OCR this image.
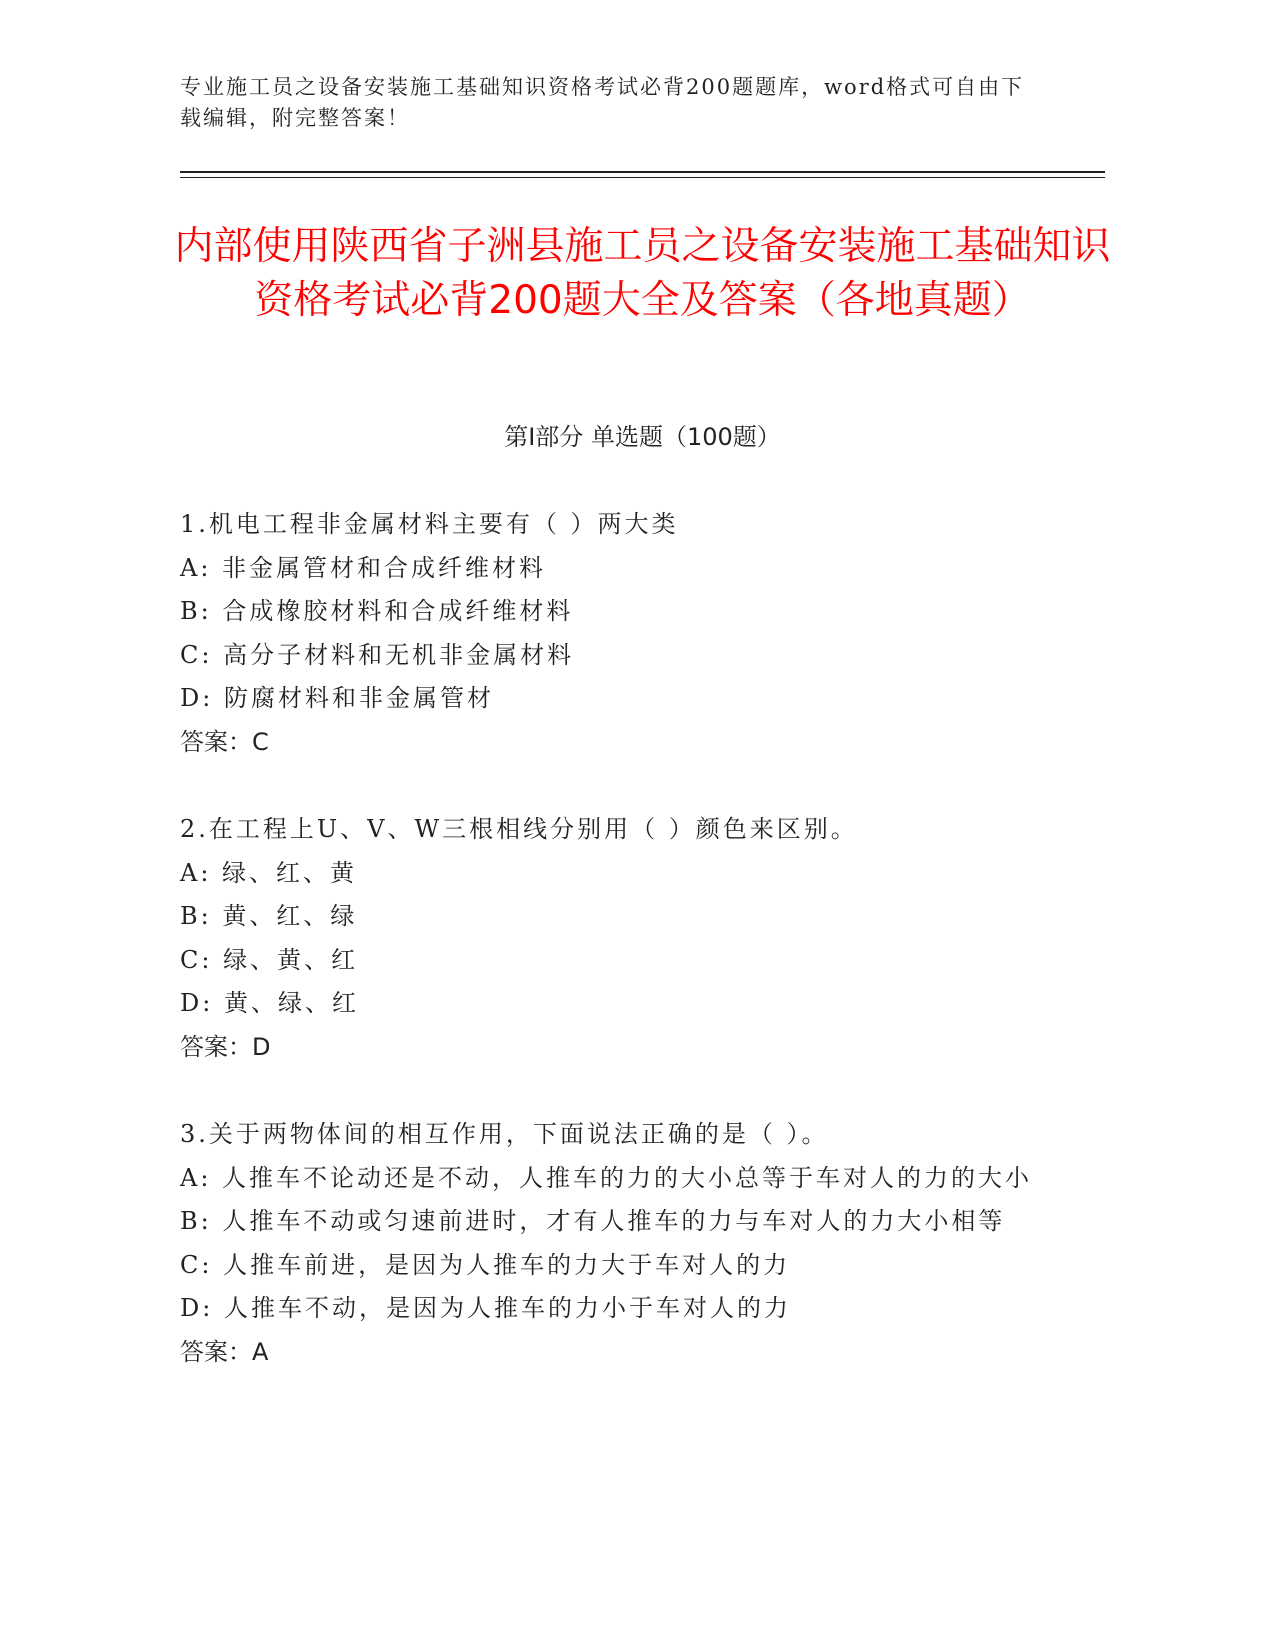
专业施工员之设备安装施工基础知识资格考试必背200题题库，word格式可自由下载编辑，附完整答案！
内部使用陕西省子洲县施工员之设备安装施工基础知识资格考试必背200题大全及答案（各地真题）
第Ⅰ部分 单选题（100题）

1.机电工程非金属材料主要有（ ）两大类

A: 非金属管材和合成纤维材料

B: 合成橡胶材料和合成纤维材料

C: 高分子材料和无机非金属材料

D: 防腐材料和非金属管材

答案：C

2.在工程上U、V、W三根相线分别用（ ）颜色来区别。

A: 绿、红、黄

B: 黄、红、绿

C: 绿、黄、红

D: 黄、绿、红

答案：D

3.关于两物体间的相互作用，下面说法正确的是（ ）。

A: 人推车不论动还是不动，人推车的力的大小总等于车对人的力的大小

B: 人推车不动或匀速前进时，才有人推车的力与车对人的力大小相等

C: 人推车前进，是因为人推车的力大于车对人的力

D: 人推车不动，是因为人推车的力小于车对人的力

答案：A
